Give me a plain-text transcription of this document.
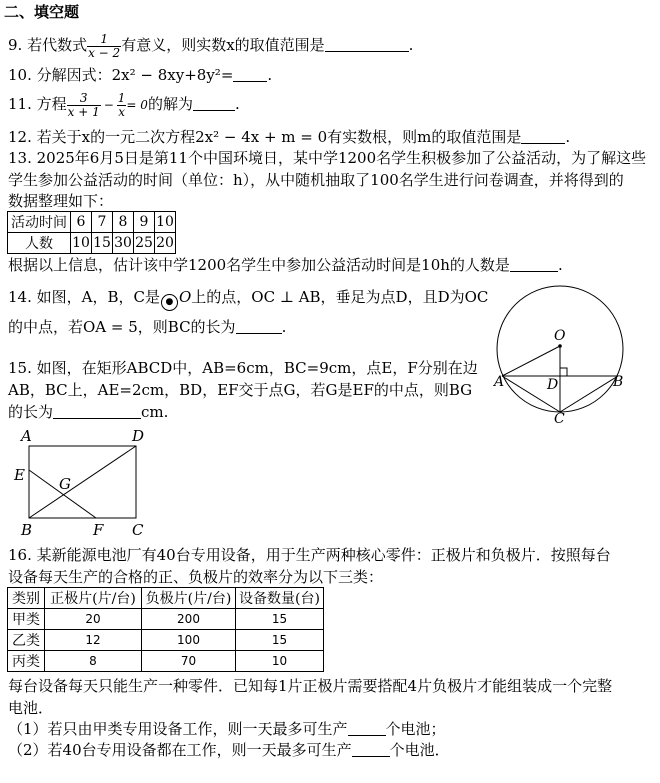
二、填空题
9. 若代数式 $\frac{1}{x - 2}$ 有意义，则实数x的取值范围是	.
10. 分解因式：2x² − 8xy+8y²= .
11. 方程 $\frac{3}{x + 1} - \frac{1}{x} = 0$的解为	.
12. 若关于x的一元二次方程2x² − 4x + m = 0有实数根，则m的取值范围是	.
13. 2025年6月5日是第11个中国环境日，某中学1200名学生积极参加了公益活动，为了解这些
学生参加公益活动的时间（单位：h），从中随机抽取了100名学生进行问卷调查，并将得到的
数据整理如下：
活动时间	6	7	8	9	10
人数	10	15	30	25	20
根据以上信息，估计该中学1200名学生中参加公益活动时间是10h的人数是	.
14. 如图，A，B，C是 ● O上的点，OC ⊥ AB，垂足为点D，且D为OC
的中点，若OA = 5，则BC的长为	.
15. 如图，在矩形ABCD中，AB=6cm，BC=9cm，点E，F分别在边
AB，BC上，AE=2cm，BD，EF交于点G，若G是EF的中点，则BG
的长为	cm.
O
A	B
D
C
A	D
E G
B	F C
16. 某新能源电池厂有40台专用设备，用于生产两种核心零件：正极片和负极片．按照每台
设备每天生产的合格的正、负极片的效率分为以下三类：
类别	正极片(片/台)	负极片(片/台)	设备数量(台)
甲类	20	200	15
乙类	12	100	15
丙类	8	70	10
每台设备每天只能生产一种零件．已知每1片正极片需要搭配4片负极片才能组装成一个完整
电池．
（1）若只由甲类专用设备工作，则一天最多可生产	个电池；
（2）若40台专用设备都在工作，则一天最多可生产	个电池．
